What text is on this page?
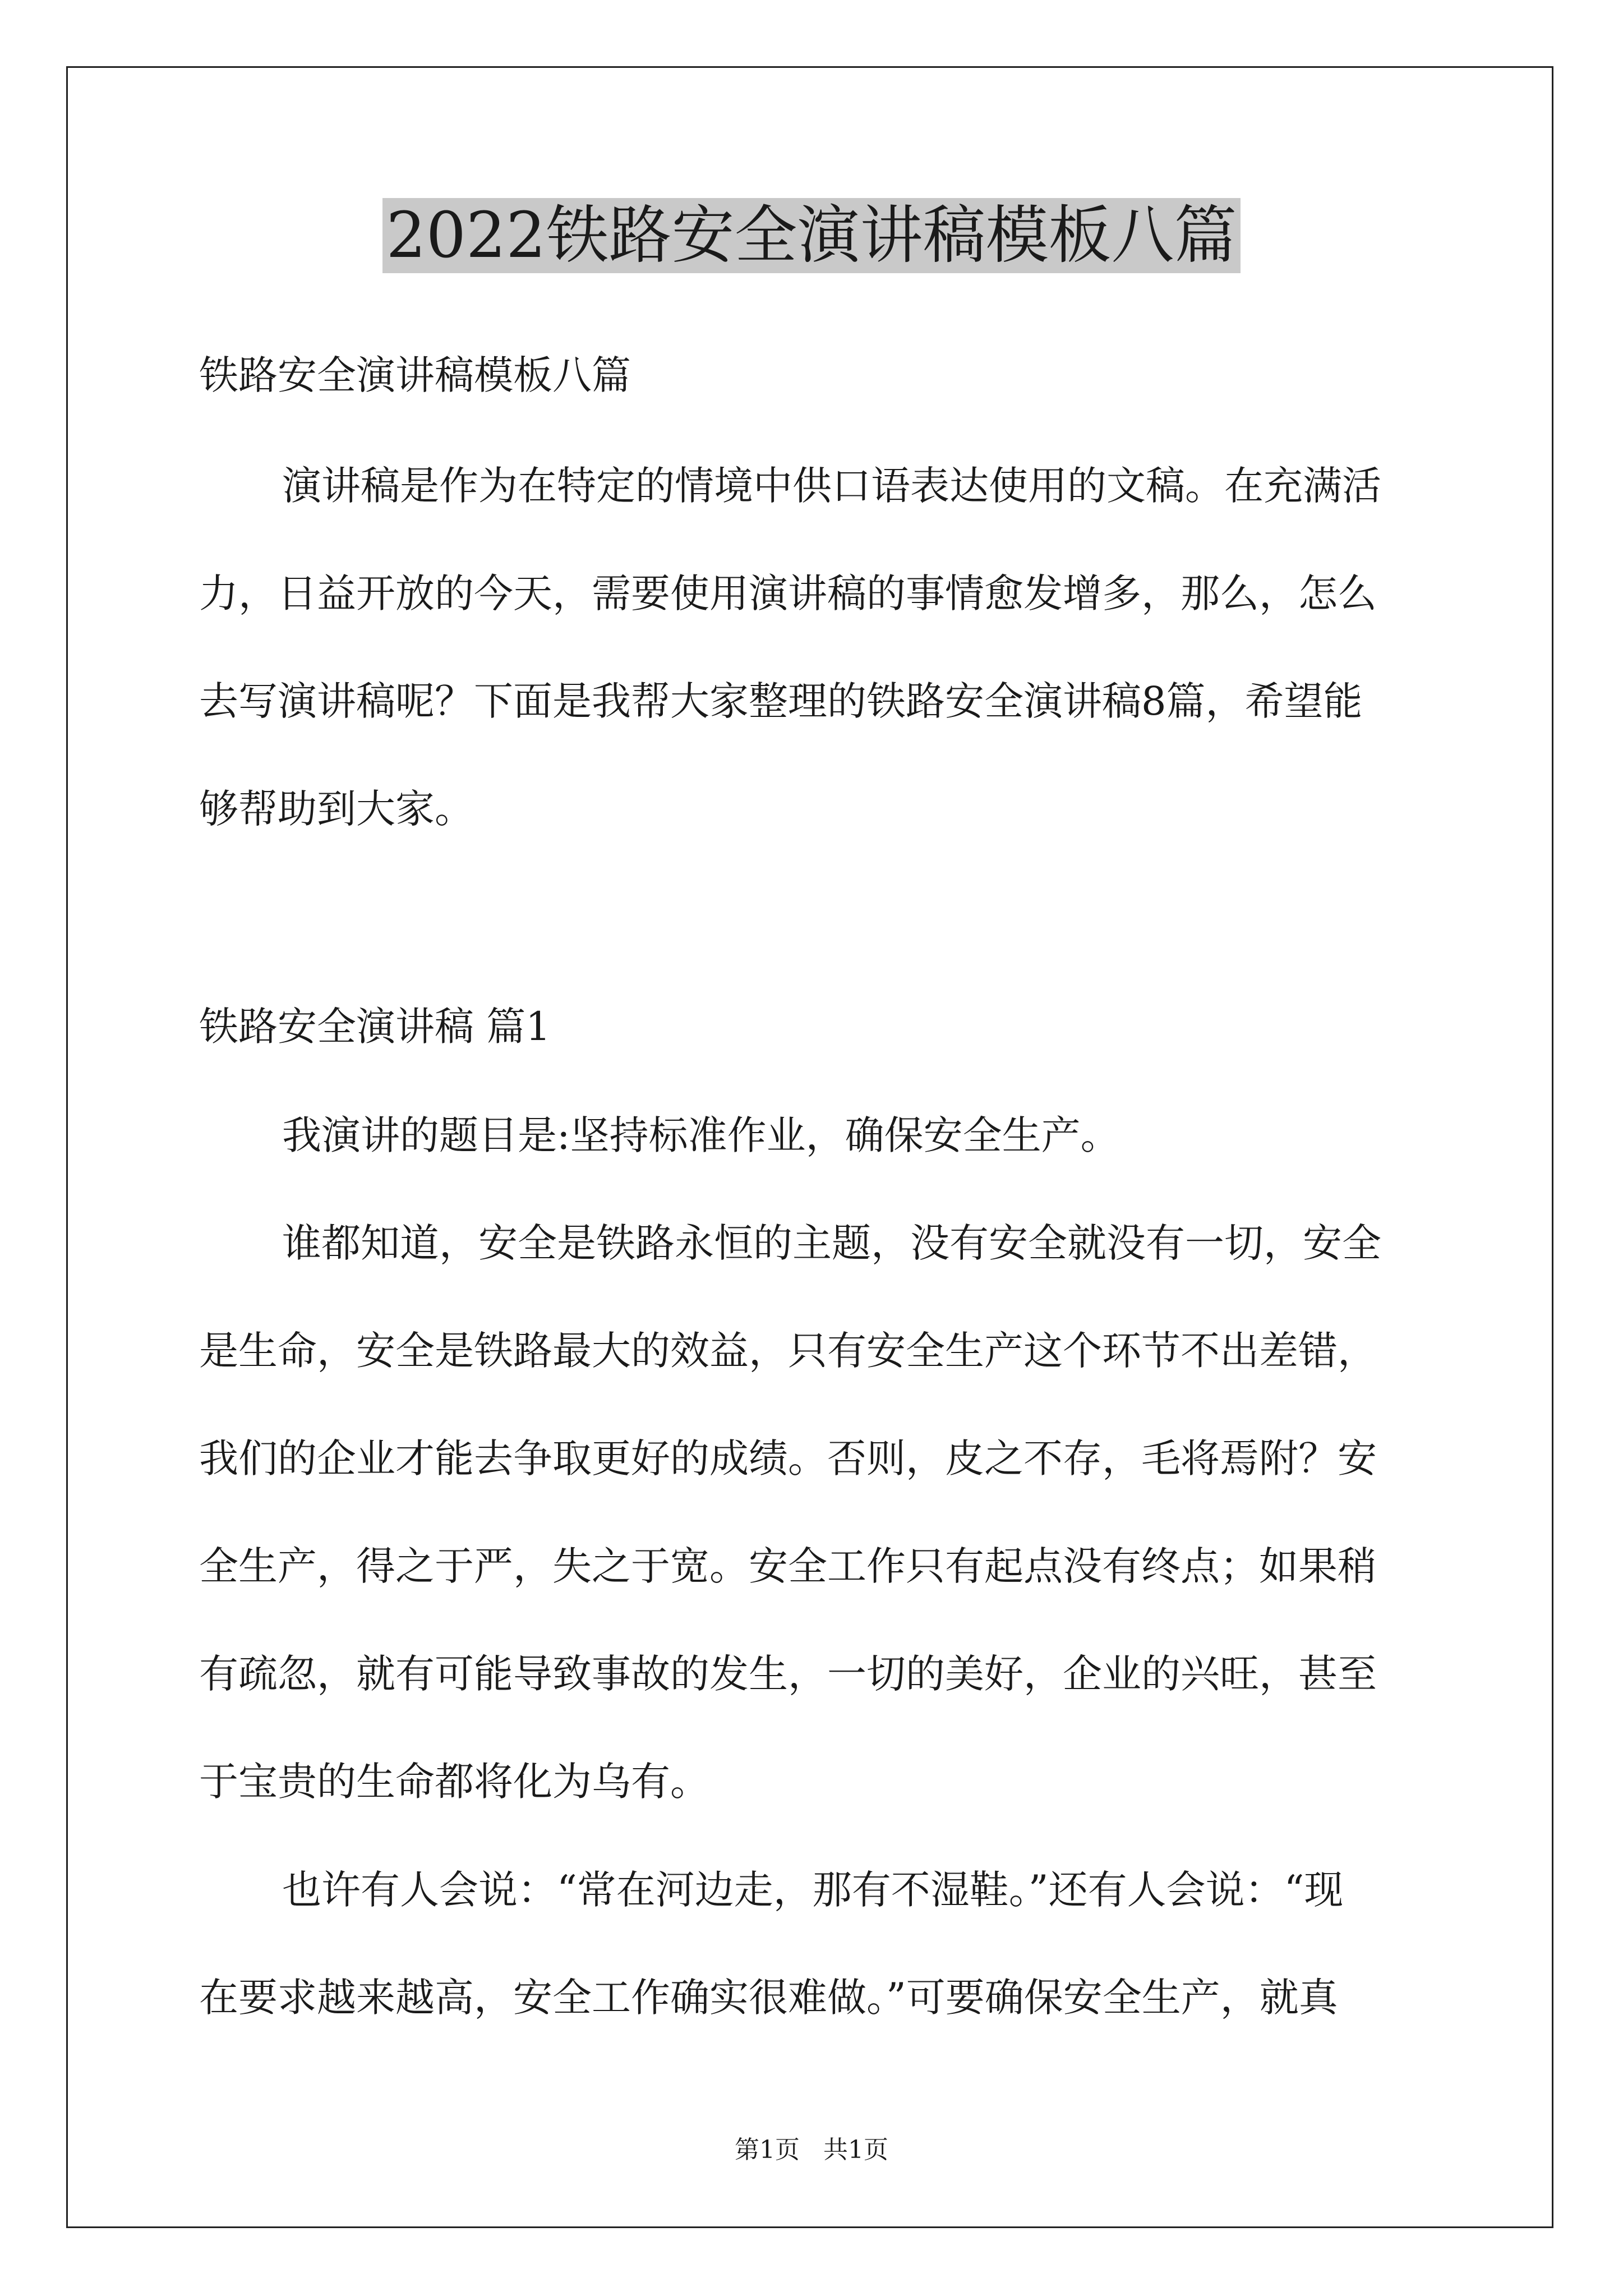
2022铁路安全演讲稿模板八篇
铁路安全演讲稿模板八篇
演讲稿是作为在特定的情境中供口语表达使用的文稿。在充满活
力，日益开放的今天，需要使用演讲稿的事情愈发增多，那么，怎么
去写演讲稿呢？下面是我帮大家整理的铁路安全演讲稿8篇，希望能
够帮助到大家。
铁路安全演讲稿 篇1
我演讲的题目是:坚持标准作业，确保安全生产。
谁都知道，安全是铁路永恒的主题，没有安全就没有一切，安全
是生命，安全是铁路最大的效益，只有安全生产这个环节不出差错，
我们的企业才能去争取更好的成绩。否则，皮之不存，毛将焉附？安
全生产，得之于严，失之于宽。安全工作只有起点没有终点；如果稍
有疏忽，就有可能导致事故的发生，一切的美好，企业的兴旺，甚至
于宝贵的生命都将化为乌有。
也许有人会说：“常在河边走，那有不湿鞋。”还有人会说：“现
在要求越来越高，安全工作确实很难做。”可要确保安全生产，就真
第1页   共1页
